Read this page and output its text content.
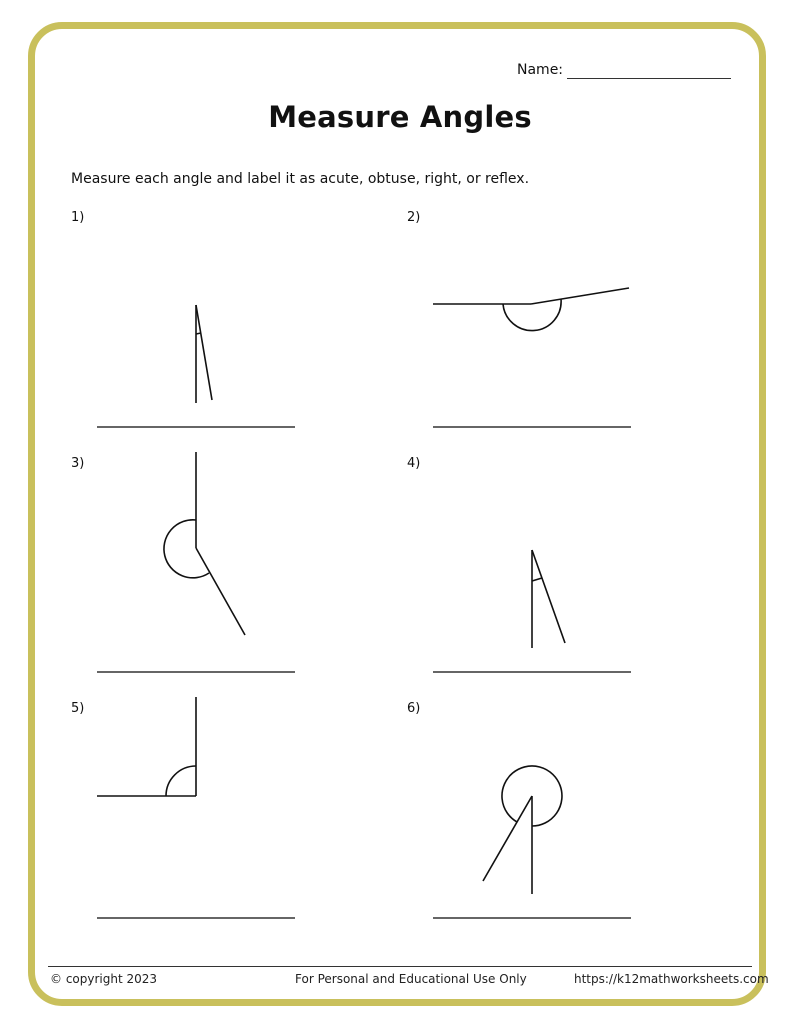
Name:
Measure Angles
Measure each angle and label it as acute, obtuse, right, or reflex.
1)	2)
3)	4)
5)	6)
© copyright 2023	For Personal and Educational Use Only	https://k12mathworksheets.com
